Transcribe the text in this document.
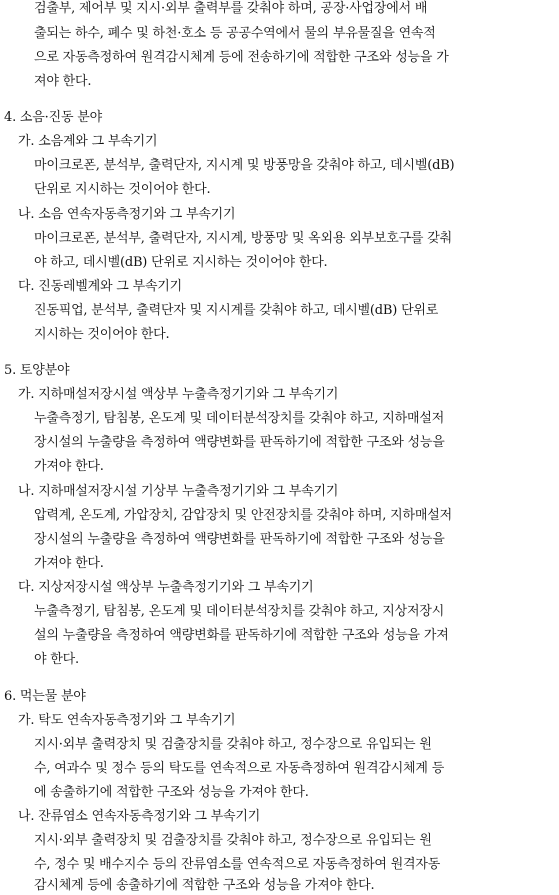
검출부, 제어부 및 지시·외부 출력부를 갖춰야 하며, 공장·사업장에서 배
출되는 하수, 폐수 및 하천·호소 등 공공수역에서 물의 부유물질을 연속적
으로 자동측정하여 원격감시체계 등에 전송하기에 적합한 구조와 성능을 가
져야 한다.
4. 소음·진동 분야
가. 소음계와 그 부속기기
마이크로폰, 분석부, 출력단자, 지시계 및 방풍망을 갖춰야 하고, 데시벨(dB)
단위로 지시하는 것이어야 한다.
나. 소음 연속자동측정기와 그 부속기기
마이크로폰, 분석부, 출력단자, 지시계, 방풍망 및 옥외용 외부보호구를 갖춰
야 하고, 데시벨(dB) 단위로 지시하는 것이어야 한다.
다. 진동레벨계와 그 부속기기
진동픽업, 분석부, 출력단자 및 지시계를 갖춰야 하고, 데시벨(dB) 단위로
지시하는 것이어야 한다.
5. 토양분야
가. 지하매설저장시설 액상부 누출측정기기와 그 부속기기
누출측정기, 탐침봉, 온도계 및 데이터분석장치를 갖춰야 하고, 지하매설저
장시설의 누출량을 측정하여 액량변화를 판독하기에 적합한 구조와 성능을
가져야 한다.
나. 지하매설저장시설 기상부 누출측정기기와 그 부속기기
압력계, 온도계, 가압장치, 감압장치 및 안전장치를 갖춰야 하며, 지하매설저
장시설의 누출량을 측정하여 액량변화를 판독하기에 적합한 구조와 성능을
가져야 한다.
다. 지상저장시설 액상부 누출측정기기와 그 부속기기
누출측정기, 탐침봉, 온도계 및 데이터분석장치를 갖춰야 하고, 지상저장시
설의 누출량을 측정하여 액량변화를 판독하기에 적합한 구조와 성능을 가져
야 한다.
6. 먹는물 분야
가. 탁도 연속자동측정기와 그 부속기기
지시·외부 출력장치 및 검출장치를 갖춰야 하고, 정수장으로 유입되는 원
수, 여과수 및 정수 등의 탁도를 연속적으로 자동측정하여 원격감시체계 등
에 송출하기에 적합한 구조와 성능을 가져야 한다.
나. 잔류염소 연속자동측정기와 그 부속기기
지시·외부 출력장치 및 검출장치를 갖춰야 하고, 정수장으로 유입되는 원
수, 정수 및 배수지수 등의 잔류염소를 연속적으로 자동측정하여 원격자동
감시체계 등에 송출하기에 적합한 구조와 성능을 가져야 한다.
